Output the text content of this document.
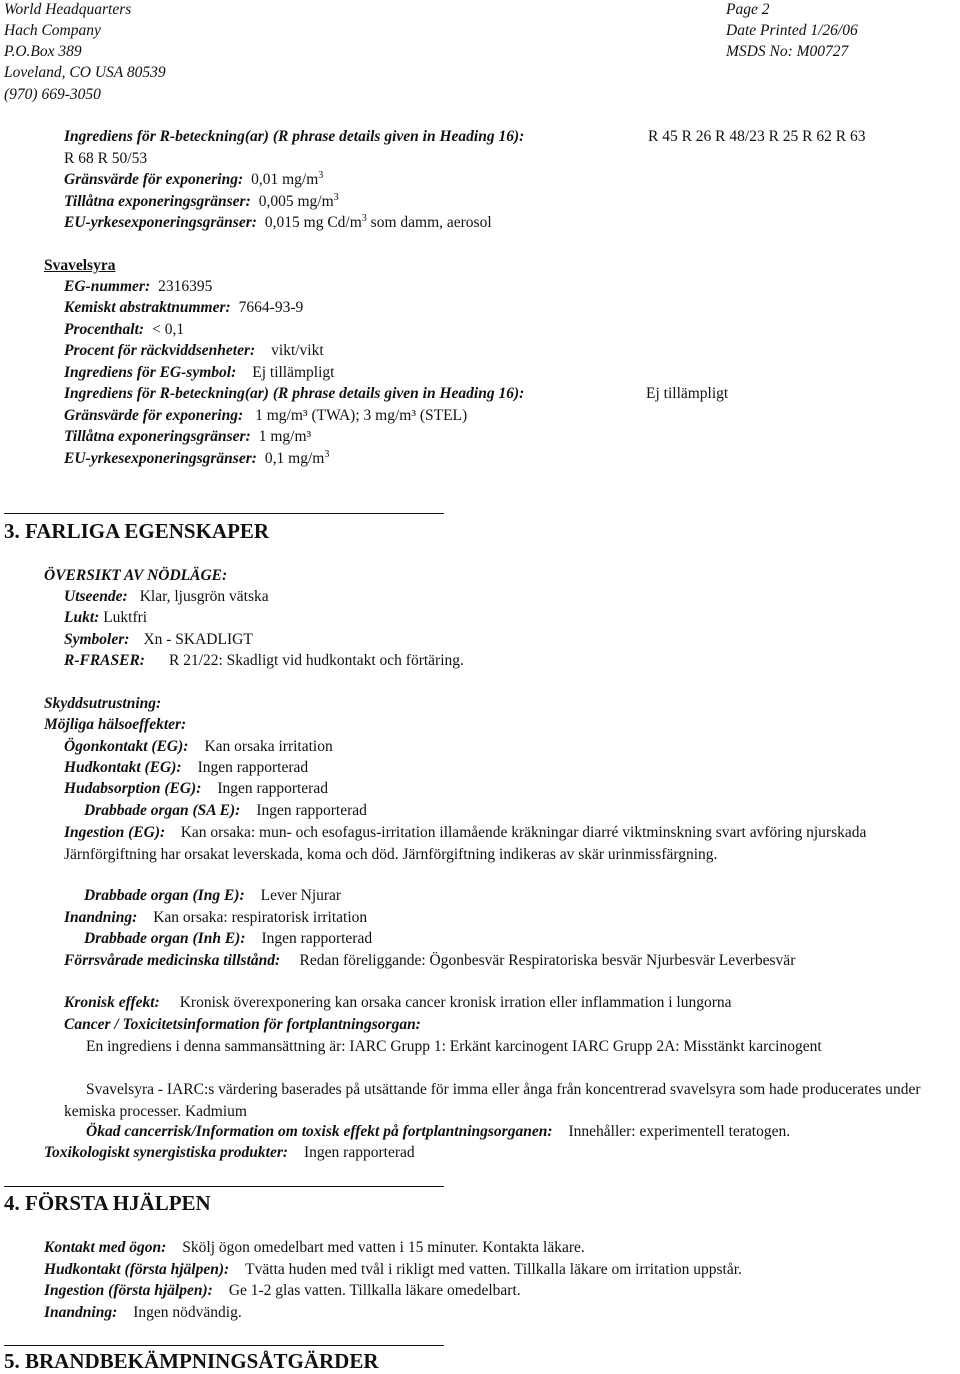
World Headquarters
Hach Company
P.O.Box 389
Loveland, CO USA 80539
(970) 669-3050
Page 2
Date Printed 1/26/06
MSDS No: M00727
Ingrediens för R-beteckning(ar) (R phrase details given in Heading 16):	R 45 R 26 R 48/23 R 25 R 62 R 63
R 68 R 50/53
Gränsvärde för exponering: 0,01 $mg/m^3$
Tillåtna exponeringsgränser: 0,005 $mg/m^3$
EU-yrkesexponeringsgränser: 0,015 mg $Cd/m^3$ som damm, aerosol
Svavelsyra
EG-nummer: 2316395
Kemiskt abstraktnummer: 7664-93-9
Procenthalt: < 0,1
Procent för räckviddsenheter: vikt/vikt
Ingrediens för EG-symbol: Ej tillämpligt
Ingrediens för R-beteckning(ar) (R phrase details given in Heading 16):	Ej tillämpligt
Gränsvärde för exponering: 1 mg/m³ (TWA); 3 mg/m³ (STEL)
Tillåtna exponeringsgränser: 1 mg/m³
EU-yrkesexponeringsgränser: 0,1 $mg/m^3$
3. FARLIGA EGENSKAPER
ÖVERSIKT AV NÖDLÄGE:
Utseende: Klar, ljusgrön vätska
Lukt: Luktfri
Symboler: Xn - SKADLIGT
R-FRASER: R 21/22: Skadligt vid hudkontakt och förtäring.
Skyddsutrustning:
Möjliga hälsoeffekter:
Ögonkontakt (EG): Kan orsaka irritation
Hudkontakt (EG): Ingen rapporterad
Hudabsorption (EG): Ingen rapporterad
Drabbade organ (SA E): Ingen rapporterad
Ingestion (EG): Kan orsaka: mun- och esofagus-irritation illamående kräkningar diarré viktminskning svart avföring njurskada Järnförgiftning har orsakat leverskada, koma och död. Järnförgiftning indikeras av skär urinmissfärgning.
Drabbade organ (Ing E): Lever Njurar
Inandning: Kan orsaka: respiratorisk irritation
Drabbade organ (Inh E): Ingen rapporterad
Förrsvårade medicinska tillstånd: Redan föreliggande: Ögonbesvär Respiratoriska besvär Njurbesvär Leverbesvär
Kronisk effekt: Kronisk överexponering kan orsaka cancer kronisk irration eller inflammation i lungorna
Cancer / Toxicitetsinformation för fortplantningsorgan:
En ingrediens i denna sammansättning är: IARC Grupp 1: Erkänt karcinogent IARC Grupp 2A: Misstänkt karcinogent
Svavelsyra - IARC:s värdering baserades på utsättande för imma eller ånga från koncentrerad svavelsyra som hade producerates under kemiska processer. Kadmium
Ökad cancerrisk/Information om toxisk effekt på fortplantningsorganen: Innehåller: experimentell teratogen.
Toxikologiskt synergistiska produkter: Ingen rapporterad
4. FÖRSTA HJÄLPEN
Kontakt med ögon: Skölj ögon omedelbart med vatten i 15 minuter. Kontakta läkare.
Hudkontakt (första hjälpen): Tvätta huden med tvål i rikligt med vatten. Tillkalla läkare om irritation uppstår.
Ingestion (första hjälpen): Ge 1-2 glas vatten. Tillkalla läkare omedelbart.
Inandning: Ingen nödvändig.
5. BRANDBEKÄMPNINGSÅTGÄRDER
